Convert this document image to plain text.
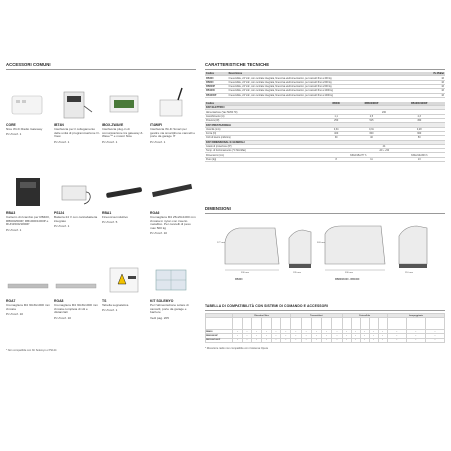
ACCESSORI COMUNI
CORE
Nice Wi-Fi Radio Gateway
Pz./Conf. 1
IBT4N
Interfaccia per il collegamento delle unità di programmazione O-View
Pz./Conf. 1
IBOX-ZWAVE
Interfaccia plug-in di comunicazione tra gateway Z-Wave™ e motori Nice
Pz./Conf. 1
IT4WIFI
Interfaccia Wi-Fi Smart per gestire via smartphone cancelli e porte da garage IT
Pz./Conf. 1
RBA3
Carterro di ricambio per RB400, RB600/600P, RB1000/1000P e RUN1500/1800P
Pz./Conf. 1
PS124
Batteria 24 V con caricabatteria integrato
Pz./Conf. 1
RBA1
Finecorsa induttivo
Pz./Conf. 5
ROA6
Cremagliera M4 25x20x1000 mm zincata in nylon con inserto metallico. Per cancelli di peso max 500 kg
Pz./Conf. 10
ROA7
Cremagliera M4 30x8x1000 mm zincata
Pz./Conf. 10
ROA8
Cremagliera M4 30x8x1000 mm zincata completa di viti e distanziali
Pz./Conf. 10
TS
Tabella segnaletica
Pz./Conf. 1
KIT SOLEMYO
Per l'alimentazione solare di cancelli, porte da garage e barriere
Vedi pag. 205
CARATTERISTICHE TECNICHE
Codice	Descrizione	Pz./Pallet
RB400	Irreversibile, 24 Vdc, con centrale integrata, finecorsa elettromeccanico, per cancelli fino a 400 kg	16
RB600	Irreversibile, 24 Vdc, con centrale integrata, finecorsa elettromeccanico, per cancelli fino a 600 kg	16
RB600P	Irreversibile, 24 Vdc, con centrale integrata, finecorsa elettromeccanico, per cancelli fino a 600 kg	16
RB1000	Irreversibile, 24 Vdc, con centrale integrata, finecorsa elettromeccanico, per cancelli fino a 1000 kg	16
RB1000P	Irreversibile, 24 Vdc, con centrale integrata, finecorsa elettromeccanico, per cancelli fino a 1000 kg	16
Codice	RB400	RB600/600P	RB1000/1000P
DATI ELETTRICI			
Alimentazione (Vac 50/60 Hz)	230		
Assorbimento (A)	1,1	2,5	2,3
Potenza (W)	250	515	450
DATI PRESTAZIONALI			
Velocità (m/s)	0,34	0,31	0,28
Forza (N)	400	600	900
Cicli di lavoro (cicli/ora)	30	40	50
DATI DIMENSIONALI E GENERALI			
Grado di protezione (IP)	44		
Temp. di funzionamento (°C Min/Max)	-20 ÷ +50		
Dimensioni (mm)	330x195x277 h		330x210x303 h
Peso (kg)	8	11	13
DIMENSIONI
330 mm	195 mm
277 mm
330 mm
303 mm
210 mm
RB400	RB600/1000 - RB1000
TABELLA DI COMPATIBILITÀ CON SISTEMI DI COMANDO E ACCESSORI
	Ricevitori Nice						Trasmettitori					Fotocellule					Lampeggiante		

RB400	•	•	•	•	•	•	•	•	•	•	•	•	•	•	•	•	•	•	•
RB600/600P	•	•	•	•	•	•	•	•	•	•	•	•	•	•	•	•	•	•	•
RB1000/1000P	•	•	•	•	•	•	•	•	•	•	•	•	•	•	•	•	•	•	•
* Ricevitore radio non compatibile con il sistema Opera
* Non compatibile con Kit Solemyo e PS124
